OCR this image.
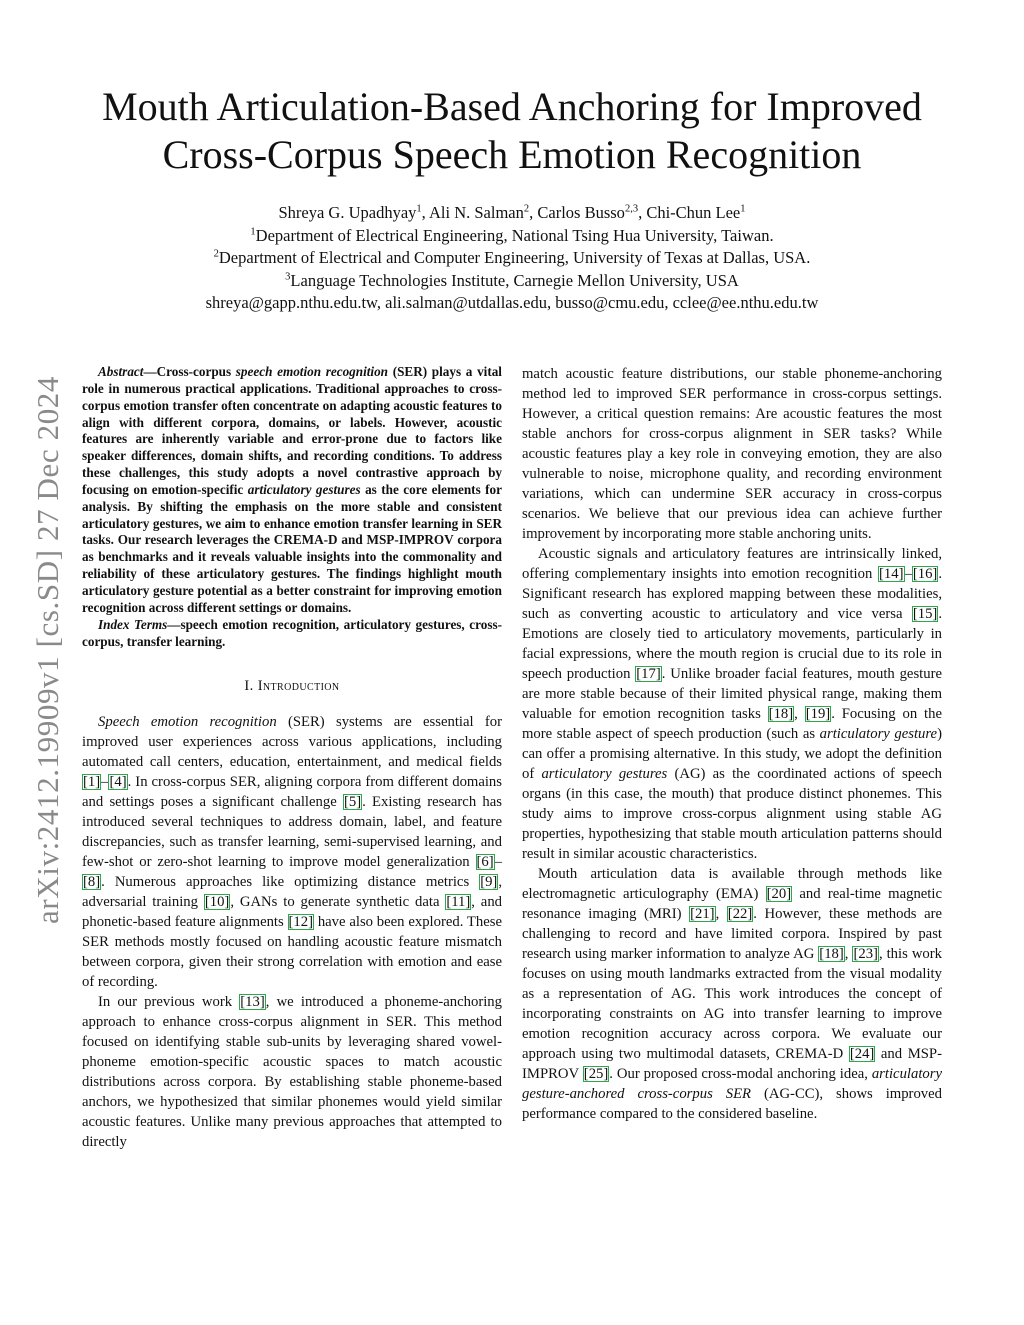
arXiv:2412.19909v1 [cs.SD] 27 Dec 2024
Mouth Articulation-Based Anchoring for Improved
Cross-Corpus Speech Emotion Recognition
Shreya G. Upadhyay$^1$, Ali N. Salman$^2$, Carlos Busso$^{2,3}$, Chi-Chun Lee$^1$
$^1$Department of Electrical Engineering, National Tsing Hua University, Taiwan.
$^2$Department of Electrical and Computer Engineering, University of Texas at Dallas, USA.
$^3$Language Technologies Institute, Carnegie Mellon University, USA
shreya@gapp.nthu.edu.tw, ali.salman@utdallas.edu, busso@cmu.edu, cclee@ee.nthu.edu.tw

Abstract—Cross-corpus speech emotion recognition (SER) plays a vital role in numerous practical applications. Traditional approaches to cross-corpus emotion transfer often concentrate on adapting acoustic features to align with different corpora, domains, or labels. However, acoustic features are inherently variable and error-prone due to factors like speaker differences, domain shifts, and recording conditions. To address these challenges, this study adopts a novel contrastive approach by focusing on emotion-specific articulatory gestures as the core elements for analysis. By shifting the emphasis on the more stable and consistent articulatory gestures, we aim to enhance emotion transfer learning in SER tasks. Our research leverages the CREMA-D and MSP-IMPROV corpora as benchmarks and it reveals valuable insights into the commonality and reliability of these articulatory gestures. The findings highlight mouth articulatory gesture potential as a better constraint for improving emotion recognition across different settings or domains.

Index Terms—speech emotion recognition, articulatory gestures, cross-corpus, transfer learning.

I. Introduction

Speech emotion recognition (SER) systems are essential for improved user experiences across various applications, including automated call centers, education, entertainment, and medical fields [1]–[4]. In cross-corpus SER, aligning corpora from different domains and settings poses a significant challenge [5]. Existing research has introduced several techniques to address domain, label, and feature discrepancies, such as transfer learning, semi-supervised learning, and few-shot or zero-shot learning to improve model generalization [6]–[8]. Numerous approaches like optimizing distance metrics [9], adversarial training [10], GANs to generate synthetic data [11], and phonetic-based feature alignments [12] have also been explored. These SER methods mostly focused on handling acoustic feature mismatch between corpora, given their strong correlation with emotion and ease of recording.

In our previous work [13], we introduced a phoneme-anchoring approach to enhance cross-corpus alignment in SER. This method focused on identifying stable sub-units by leveraging shared vowel-phoneme emotion-specific acoustic spaces to match acoustic distributions across corpora. By establishing stable phoneme-based anchors, we hypothesized that similar phonemes would yield similar acoustic features. Unlike many previous approaches that attempted to directly

match acoustic feature distributions, our stable phoneme-anchoring method led to improved SER performance in cross-corpus settings. However, a critical question remains: Are acoustic features the most stable anchors for cross-corpus alignment in SER tasks? While acoustic features play a key role in conveying emotion, they are also vulnerable to noise, microphone quality, and recording environment variations, which can undermine SER accuracy in cross-corpus scenarios. We believe that our previous idea can achieve further improvement by incorporating more stable anchoring units.

Acoustic signals and articulatory features are intrinsically linked, offering complementary insights into emotion recognition [14]–[16]. Significant research has explored mapping between these modalities, such as converting acoustic to articulatory and vice versa [15]. Emotions are closely tied to articulatory movements, particularly in facial expressions, where the mouth region is crucial due to its role in speech production [17]. Unlike broader facial features, mouth gesture are more stable because of their limited physical range, making them valuable for emotion recognition tasks [18], [19]. Focusing on the more stable aspect of speech production (such as articulatory gesture) can offer a promising alternative. In this study, we adopt the definition of articulatory gestures (AG) as the coordinated actions of speech organs (in this case, the mouth) that produce distinct phonemes. This study aims to improve cross-corpus alignment using stable AG properties, hypothesizing that stable mouth articulation patterns should result in similar acoustic characteristics.

Mouth articulation data is available through methods like electromagnetic articulography (EMA) [20] and real-time magnetic resonance imaging (MRI) [21], [22]. However, these methods are challenging to record and have limited corpora. Inspired by past research using marker information to analyze AG [18], [23], this work focuses on using mouth landmarks extracted from the visual modality as a representation of AG. This work introduces the concept of incorporating constraints on AG into transfer learning to improve emotion recognition accuracy across corpora. We evaluate our approach using two multimodal datasets, CREMA-D [24] and MSP-IMPROV [25]. Our proposed cross-modal anchoring idea, articulatory gesture-anchored cross-corpus SER (AG-CC), shows improved performance compared to the considered baseline.
